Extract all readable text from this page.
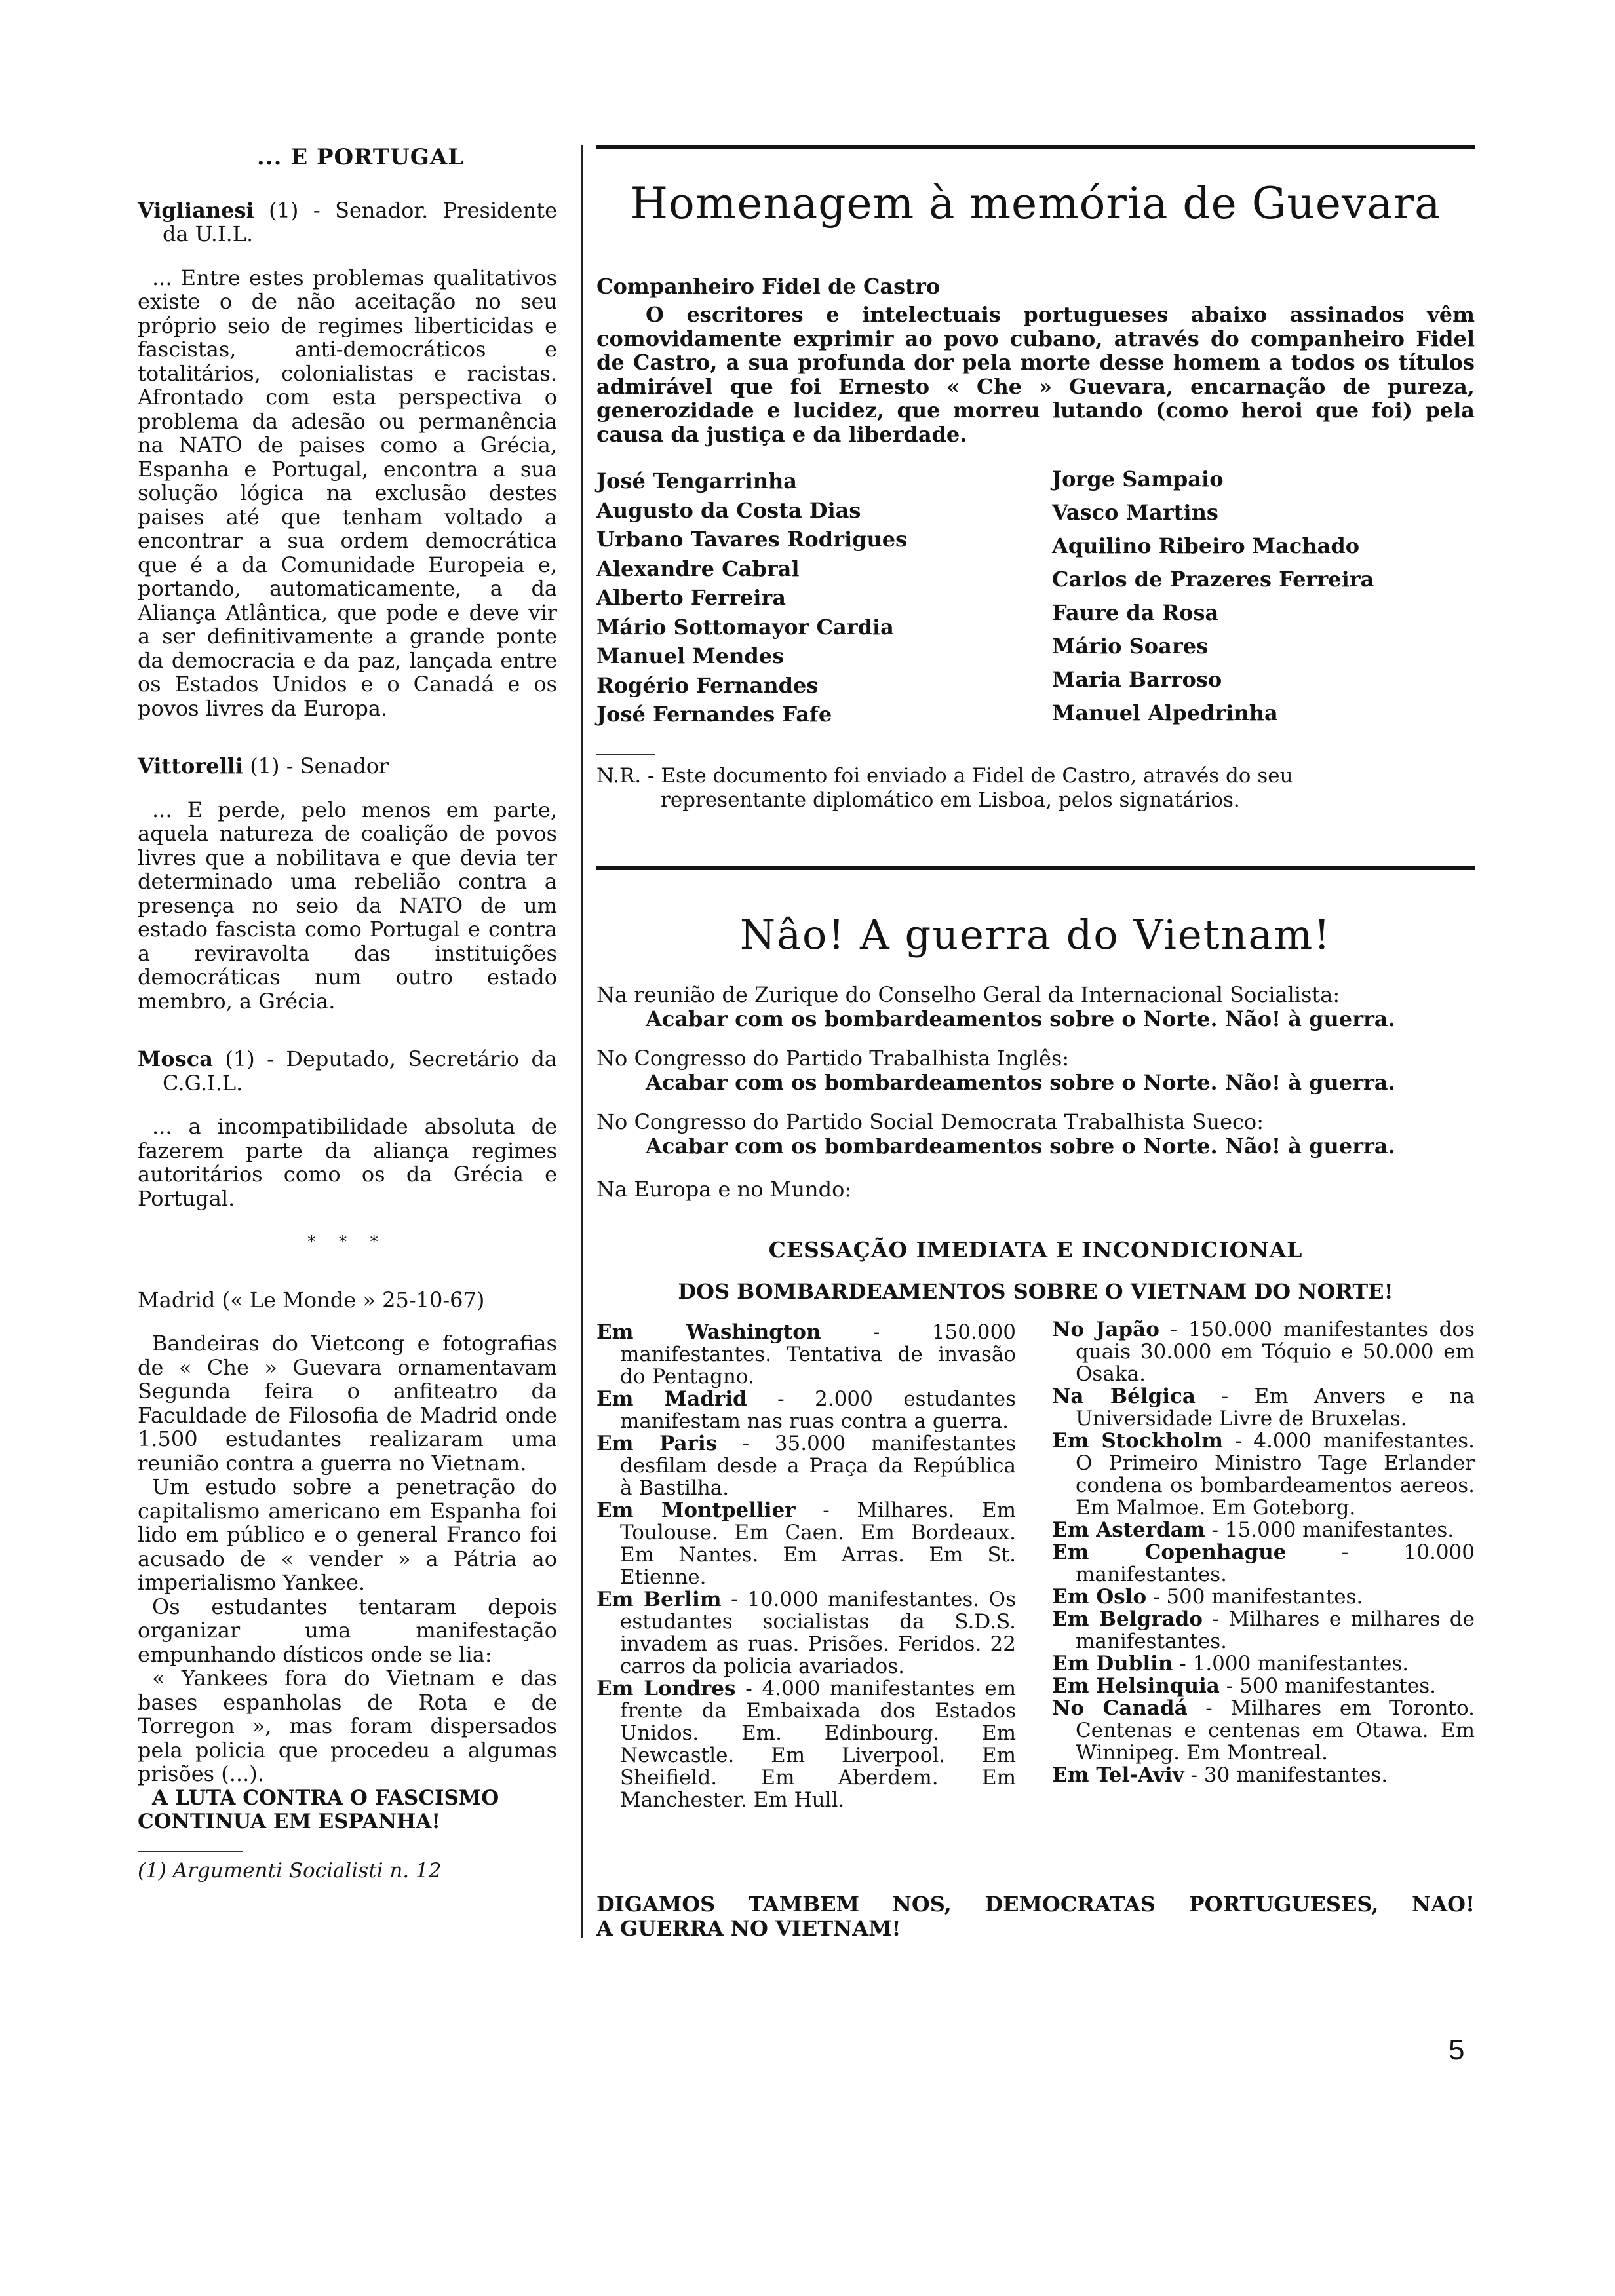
... E PORTUGAL

Viglianesi (1) - Senador. Presidente da U.I.L.

... Entre estes problemas qualitativos existe o de não aceitação no seu próprio seio de regimes liberticidas e fascistas, anti-democráticos e totalitários, colonialistas e racistas. Afrontado com esta perspectiva o problema da adesão ou permanência na NATO de paises como a Grécia, Espanha e Portugal, encontra a sua solução lógica na exclusão destes paises até que tenham voltado a encontrar a sua ordem democrática que é a da Comunidade Europeia e, portando, automaticamente, a da Aliança Atlântica, que pode e deve vir a ser definitivamente a grande ponte da democracia e da paz, lançada entre os Estados Unidos e o Canadá e os povos livres da Europa.

Vittorelli (1) - Senador

... E perde, pelo menos em parte, aquela natureza de coalição de povos livres que a nobilitava e que devia ter determinado uma rebelião contra a presença no seio da NATO de um estado fascista como Portugal e contra a reviravolta das instituições democráticas num outro estado membro, a Grécia.

Mosca (1) - Deputado, Secretário da C.G.I.L.

... a incompatibilidade absoluta de fazerem parte da aliança regimes autoritários como os da Grécia e Portugal.

* * *

Madrid (« Le Monde » 25-10-67)

Bandeiras do Vietcong e fotografias de « Che » Guevara ornamentavam Segunda feira o anfiteatro da Faculdade de Filosofia de Madrid onde 1.500 estudantes realizaram uma reunião contra a guerra no Vietnam.

Um estudo sobre a penetração do capitalismo americano em Espanha foi lido em público e o general Franco foi acusado de « vender » a Pátria ao imperialismo Yankee.

Os estudantes tentaram depois organizar uma manifestação empunhando dísticos onde se lia:

« Yankees fora do Vietnam e das bases espanholas de Rota e de Torregon », mas foram dispersados pela policia que procedeu a algumas prisões (...).

A LUTA CONTRA O FASCISMO CONTINUA EM ESPANHA!

(1) Argumenti Socialisti n. 12

Homenagem à memória de Guevara
Companheiro Fidel de Castro

O escritores e intelectuais portugueses abaixo assinados vêm comovidamente exprimir ao povo cubano, através do companheiro Fidel de Castro, a sua profunda dor pela morte desse homem a todos os títulos admirável que foi Ernesto « Che » Guevara, encarnação de pureza, generozidade e lucidez, que morreu lutando (como heroi que foi) pela causa da justiça e da liberdade.

José Tengarrinha
Augusto da Costa Dias
Urbano Tavares Rodrigues
Alexandre Cabral
Alberto Ferreira
Mário Sottomayor Cardia
Manuel Mendes
Rogério Fernandes
José Fernandes Fafe
Jorge Sampaio
Vasco Martins
Aquilino Ribeiro Machado
Carlos de Prazeres Ferreira
Faure da Rosa
Mário Soares
Maria Barroso
Manuel Alpedrinha
N.R. - Este documento foi enviado a Fidel de Castro, através do seu
representante diplomático em Lisboa, pelos signatários.
Nâo! A guerra do Vietnam!
Na reunião de Zurique do Conselho Geral da Internacional Socialista:
Acabar com os bombardeamentos sobre o Norte. Não! à guerra.
No Congresso do Partido Trabalhista Inglês:
Acabar com os bombardeamentos sobre o Norte. Não! à guerra.
No Congresso do Partido Social Democrata Trabalhista Sueco:
Acabar com os bombardeamentos sobre o Norte. Não! à guerra.
Na Europa e no Mundo:
CESSAÇÃO IMEDIATA E INCONDICIONAL
DOS BOMBARDEAMENTOS SOBRE O VIETNAM DO NORTE!

Em Washington - 150.000 manifestantes. Tentativa de invasão do Pentagno.

Em Madrid - 2.000 estudantes manifestam nas ruas contra a guerra.

Em Paris - 35.000 manifestantes desfilam desde a Praça da República à Bastilha.

Em Montpellier - Milhares. Em Toulouse. Em Caen. Em Bordeaux. Em Nantes. Em Arras. Em St. Etienne.

Em Berlim - 10.000 manifestantes. Os estudantes socialistas da S.D.S. invadem as ruas. Prisões. Feridos. 22 carros da policia avariados.

Em Londres - 4.000 manifestantes em frente da Embaixada dos Estados Unidos. Em. Edinbourg. Em Newcastle. Em Liverpool. Em Sheifield. Em Aberdem. Em Manchester. Em Hull.

No Japão - 150.000 manifestantes dos quais 30.000 em Tóquio e 50.000 em Osaka.

Na Bélgica - Em Anvers e na Universidade Livre de Bruxelas.

Em Stockholm - 4.000 manifestantes. O Primeiro Ministro Tage Erlander condena os bombardeamentos aereos. Em Malmoe. Em Goteborg.

Em Asterdam - 15.000 manifestantes.

Em Copenhague - 10.000 manifestantes.

Em Oslo - 500 manifestantes.

Em Belgrado - Milhares e milhares de manifestantes.

Em Dublin - 1.000 manifestantes.

Em Helsinquia - 500 manifestantes.

No Canadá - Milhares em Toronto. Centenas e centenas em Otawa. Em Winnipeg. Em Montreal.

Em Tel-Aviv - 30 manifestantes.

DIGAMOS TAMBEM NOS, DEMOCRATAS PORTUGUESES, NAO!
A GUERRA NO VIETNAM!
5
